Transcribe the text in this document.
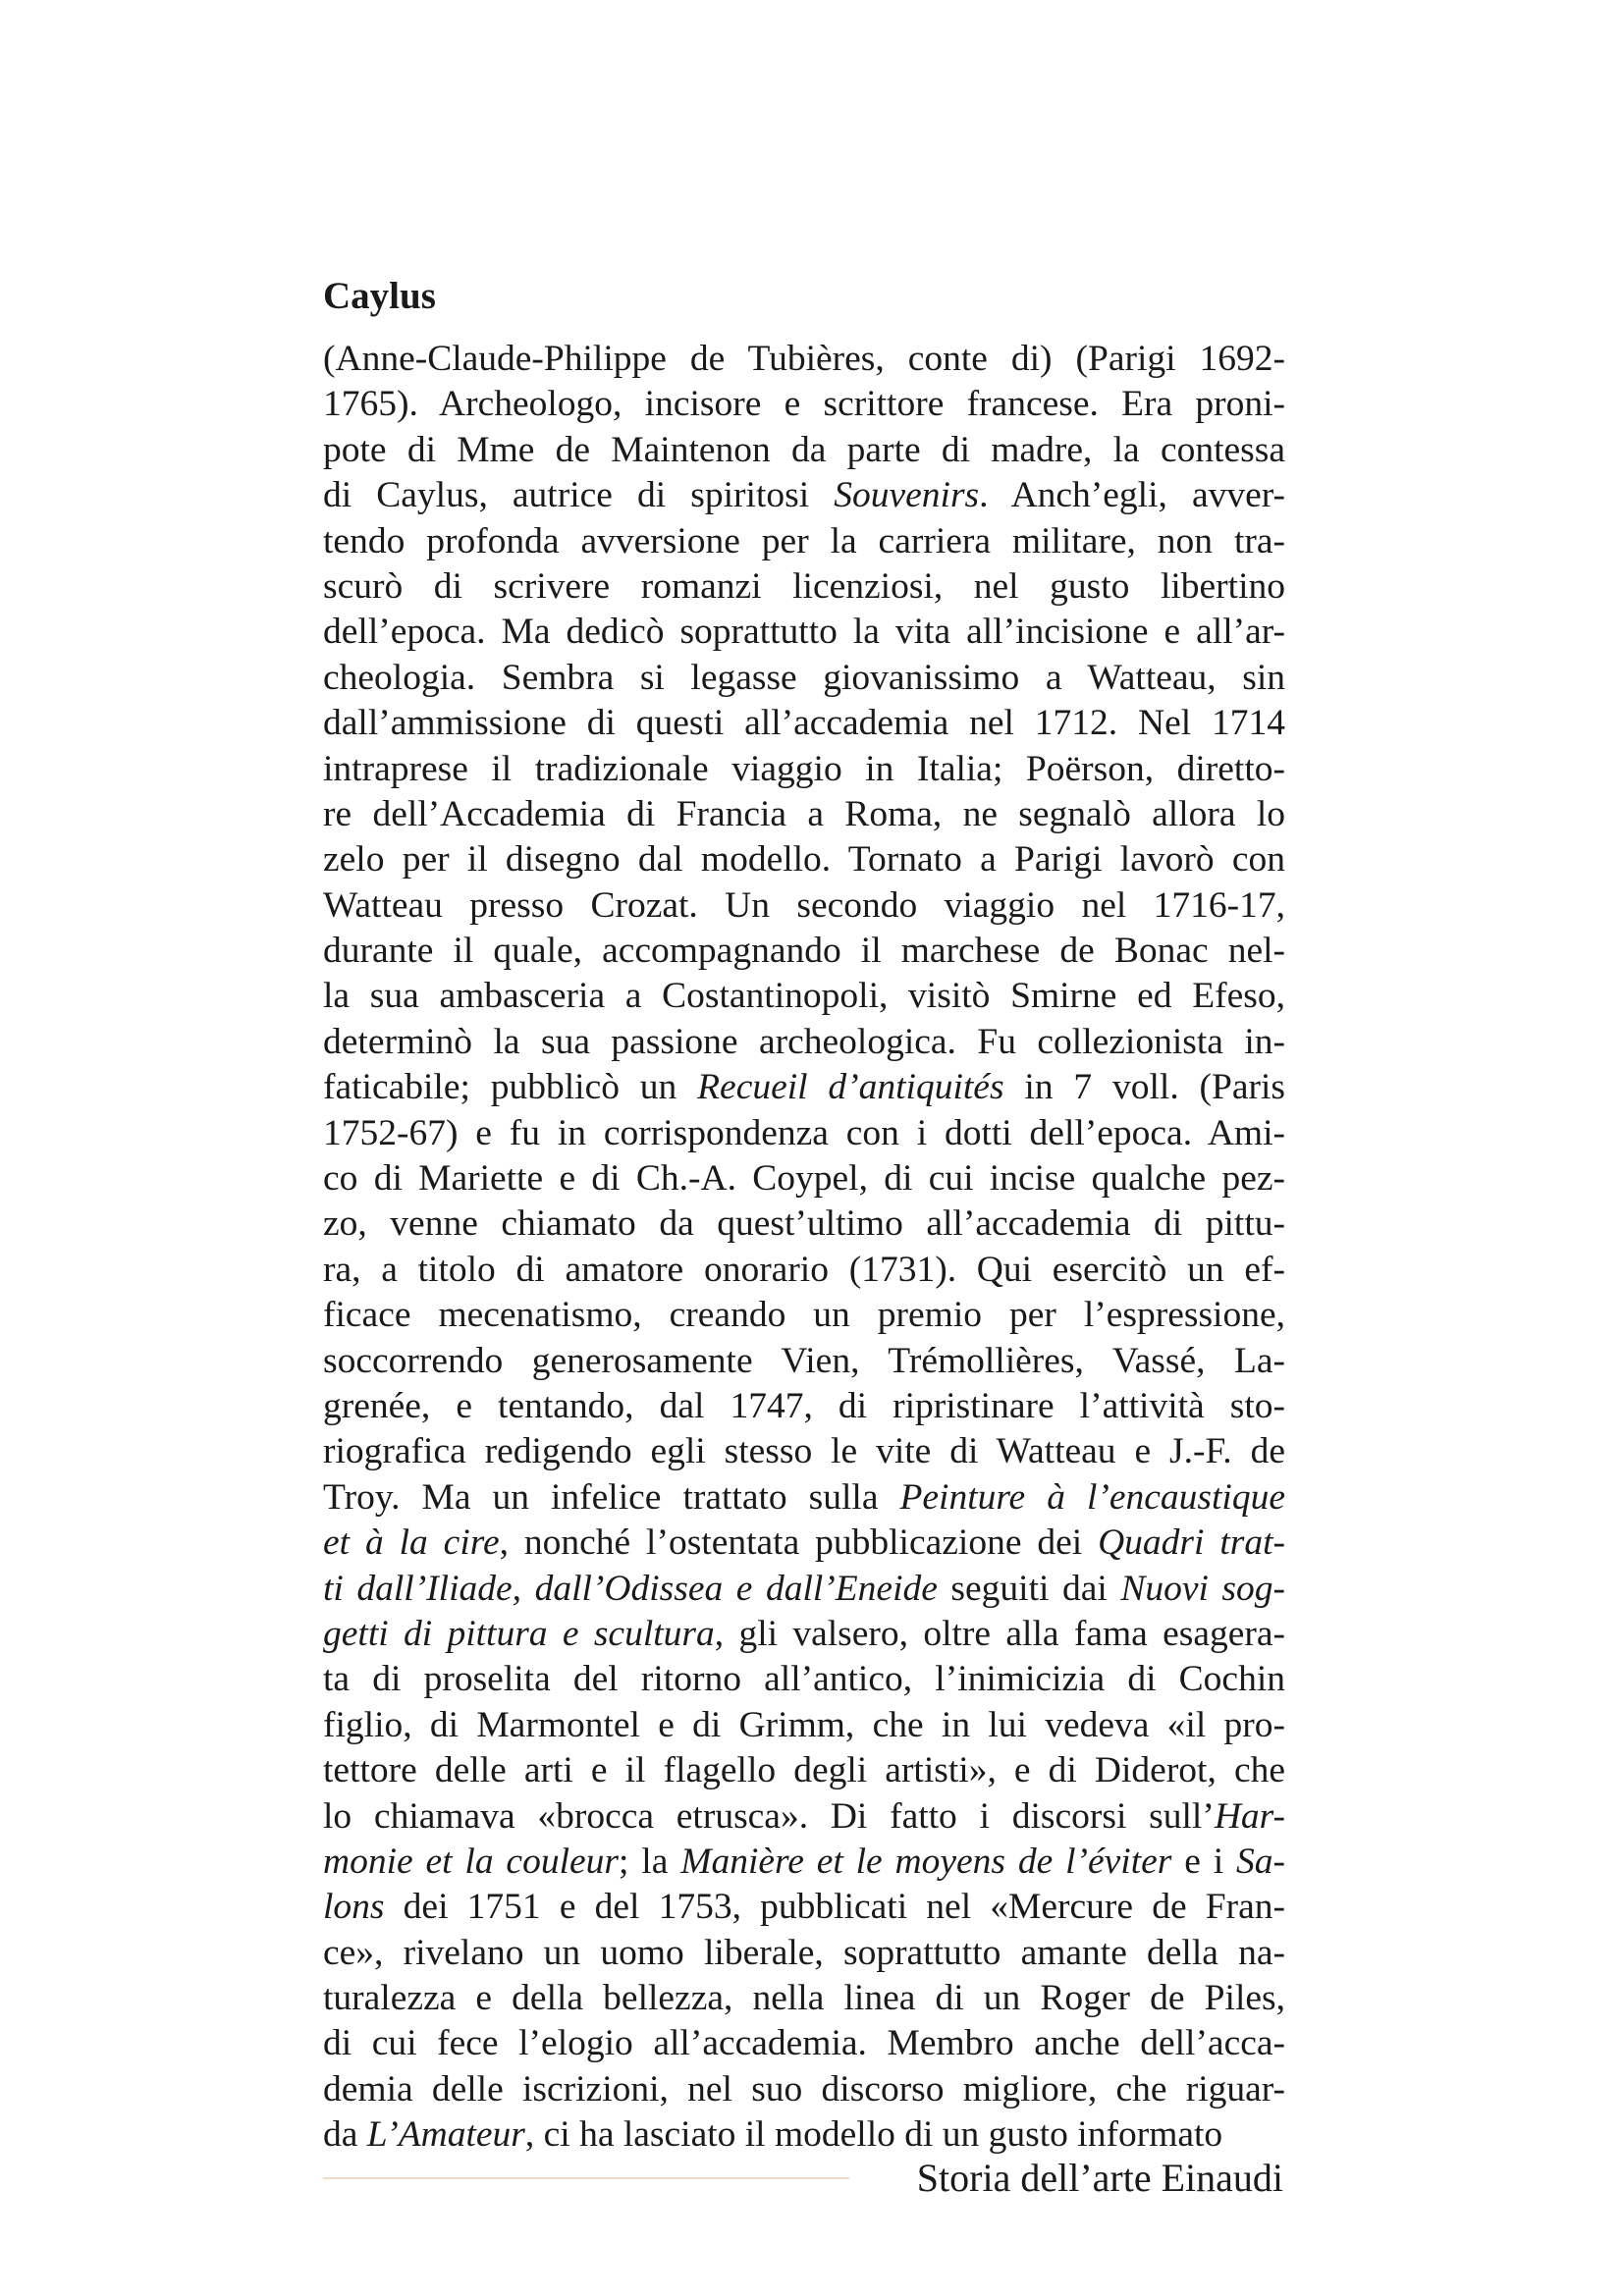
Caylus
(Anne-Claude-Philippe de Tubières, conte di) (Parigi 1692-
1765). Archeologo, incisore e scrittore francese. Era proni-
pote di Mme de Maintenon da parte di madre, la contessa
di Caylus, autrice di spiritosi Souvenirs. Anch’egli, avver-
tendo profonda avversione per la carriera militare, non tra-
scurò di scrivere romanzi licenziosi, nel gusto libertino
dell’epoca. Ma dedicò soprattutto la vita all’incisione e all’ar-
cheologia. Sembra si legasse giovanissimo a Watteau, sin
dall’ammissione di questi all’accademia nel 1712. Nel 1714
intraprese il tradizionale viaggio in Italia; Poërson, diretto-
re dell’Accademia di Francia a Roma, ne segnalò allora lo
zelo per il disegno dal modello. Tornato a Parigi lavorò con
Watteau presso Crozat. Un secondo viaggio nel 1716-17,
durante il quale, accompagnando il marchese de Bonac nel-
la sua ambasceria a Costantinopoli, visitò Smirne ed Efeso,
determinò la sua passione archeologica. Fu collezionista in-
faticabile; pubblicò un Recueil d’antiquités in 7 voll. (Paris
1752-67) e fu in corrispondenza con i dotti dell’epoca. Ami-
co di Mariette e di Ch.-A. Coypel, di cui incise qualche pez-
zo, venne chiamato da quest’ultimo all’accademia di pittu-
ra, a titolo di amatore onorario (1731). Qui esercitò un ef-
ficace mecenatismo, creando un premio per l’espressione,
soccorrendo generosamente Vien, Trémollières, Vassé, La-
grenée, e tentando, dal 1747, di ripristinare l’attività sto-
riografica redigendo egli stesso le vite di Watteau e J.-F. de
Troy. Ma un infelice trattato sulla Peinture à l’encaustique
et à la cire, nonché l’ostentata pubblicazione dei Quadri trat-
ti dall’Iliade, dall’Odissea e dall’Eneide seguiti dai Nuovi sog-
getti di pittura e scultura, gli valsero, oltre alla fama esagera-
ta di proselita del ritorno all’antico, l’inimicizia di Cochin
figlio, di Marmontel e di Grimm, che in lui vedeva «il pro-
tettore delle arti e il flagello degli artisti», e di Diderot, che
lo chiamava «brocca etrusca». Di fatto i discorsi sull’Har-
monie et la couleur; la Manière et le moyens de l’éviter e i Sa-
lons dei 1751 e del 1753, pubblicati nel «Mercure de Fran-
ce», rivelano un uomo liberale, soprattutto amante della na-
turalezza e della bellezza, nella linea di un Roger de Piles,
di cui fece l’elogio all’accademia. Membro anche dell’acca-
demia delle iscrizioni, nel suo discorso migliore, che riguar-
da L’Amateur, ci ha lasciato il modello di un gusto informato
Storia dell’arte Einaudi
